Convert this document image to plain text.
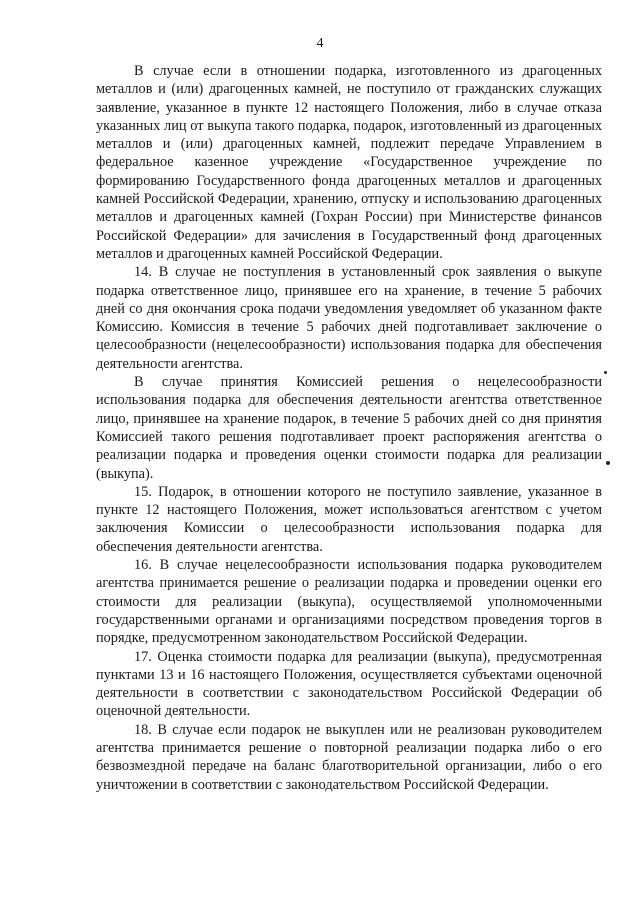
4

В случае если в отношении подарка, изготовленного из драгоценных металлов и (или) драгоценных камней, не поступило от гражданских служащих заявление, указанное в пункте 12 настоящего Положения, либо в случае отказа указанных лиц от выкупа такого подарка, подарок, изготовленный из драгоценных металлов и (или) драгоценных камней, подлежит передаче Управлением в федеральное казенное учреждение «Государственное учреждение по формированию Государственного фонда драгоценных металлов и драгоценных камней Российской Федерации, хранению, отпуску и использованию драгоценных металлов и драгоценных камней (Гохран России) при Министерстве финансов Российской Федерации» для зачисления в Государственный фонд драгоценных металлов и драгоценных камней Российской Федерации.

14. В случае не поступления в установленный срок заявления о выкупе подарка ответственное лицо, принявшее его на хранение, в течение 5 рабочих дней со дня окончания срока подачи уведомления уведомляет об указанном факте Комиссию. Комиссия в течение 5 рабочих дней подготавливает заключение о целесообразности (нецелесообразности) использования подарка для обеспечения деятельности агентства.

В случае принятия Комиссией решения о нецелесообразности использования подарка для обеспечения деятельности агентства ответственное лицо, принявшее на хранение подарок, в течение 5 рабочих дней со дня принятия Комиссией такого решения подготавливает проект распоряжения агентства о реализации подарка и проведения оценки стоимости подарка для реализации (выкупа).

15. Подарок, в отношении которого не поступило заявление, указанное в пункте 12 настоящего Положения, может использоваться агентством с учетом заключения Комиссии о целесообразности использования подарка для обеспечения деятельности агентства.

16. В случае нецелесообразности использования подарка руководителем агентства принимается решение о реализации подарка и проведении оценки его стоимости для реализации (выкупа), осуществляемой уполномоченными государственными органами и организациями посредством проведения торгов в порядке, предусмотренном законодательством Российской Федерации.

17. Оценка стоимости подарка для реализации (выкупа), предусмотренная пунктами 13 и 16 настоящего Положения, осуществляется субъектами оценочной деятельности в соответствии с законодательством Российской Федерации об оценочной деятельности.

18. В случае если подарок не выкуплен или не реализован руководителем агентства принимается решение о повторной реализации подарка либо о его безвозмездной передаче на баланс благотворительной организации, либо о его уничтожении в соответствии с законодательством Российской Федерации.
